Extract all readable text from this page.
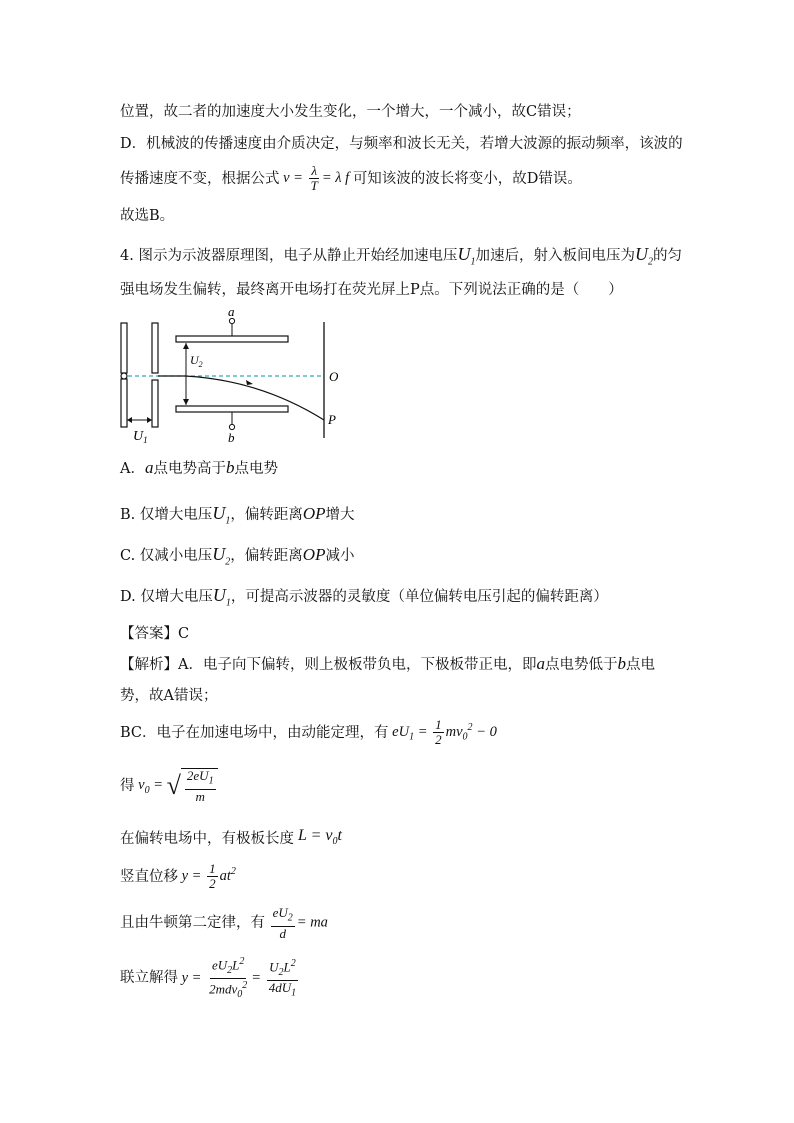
位置，故二者的加速度大小发生变化，一个增大，一个减小，故C错误；
D．机械波的传播速度由介质决定，与频率和波长无关，若增大波源的振动频率，该波的
传播速度不变，根据公式 $v = \frac{\lambda}{T} = \lambda$ f 可知该波的波长将变小，故D错误。
故选B。
4. 图示为示波器原理图，电子从静止开始经加速电压$U_1$加速后，射入板间电压为$U_2$的匀
强电场发生偏转，最终离开电场打在荧光屏上P点。下列说法正确的是（　　）
$U_1$
a
b
$U_2$
O
P
A．a点电势高于b点电势
B. 仅增大电压$U_1$，偏转距离OP增大
C. 仅减小电压$U_2$，偏转距离OP减小
D. 仅增大电压$U_1$，可提高示波器的灵敏度（单位偏转电压引起的偏转距离）
【答案】C
【解析】A．电子向下偏转，则上极板带负电，下极板带正电，即a点电势低于b点电
势，故A错误；
BC．电子在加速电场中，由动能定理，有 $eU_1 = \frac{1}{2} mv_0^2 - 0$
得 $v_0$ = √ $\frac{2eU_1}{m}$
在偏转电场中，有极板长度 $L = v_0t$
竖直位移 $y = \frac{1}{2} at^2$
且由牛顿第二定律，有
$\frac{eU_2}{d}$ = ma
联立解得 $y = \frac{eU_2L^2}{2mdv_0^2} = \frac{U_2L^2}{4dU_1}$
